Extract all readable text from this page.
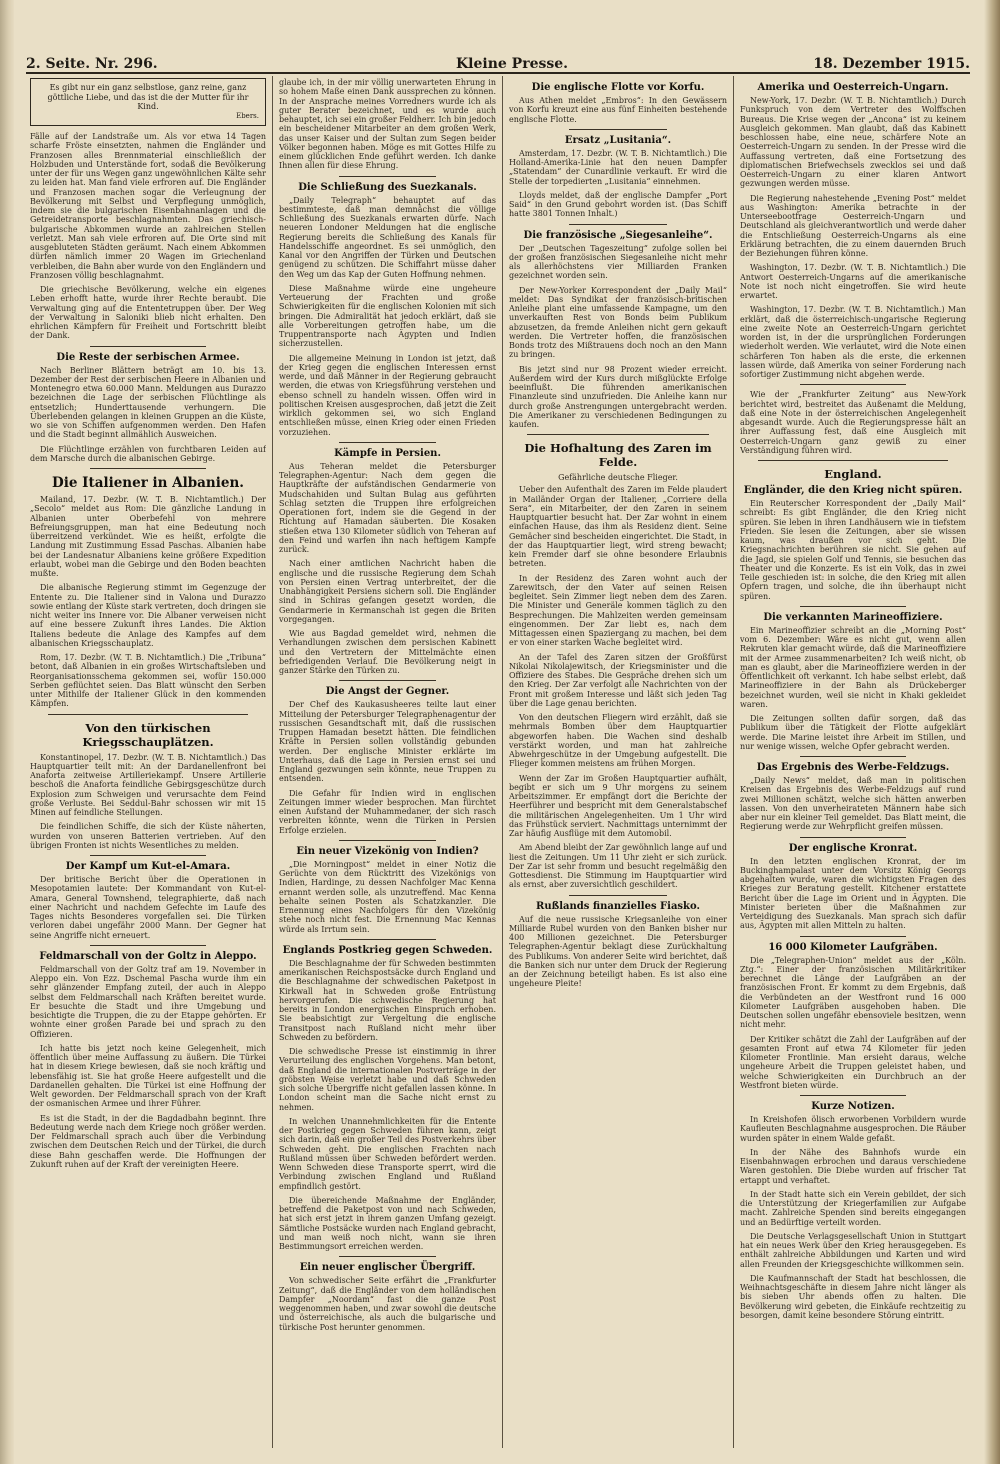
2. Seite. Nr. 296.	Kleine Presse.	18. Dezember 1915.

Es gibt nur ein ganz selbstlose, ganz reine, ganz

göttliche Liebe, und das ist die der Mutter für ihr Kind.

Ebers.

Fälle auf der Landstraße um. Als vor etwa 14 Tagen scharfe Fröste einsetzten, nahmen die Engländer und Franzosen alles Brennmaterial einschließlich der Holzbuden und Unterstände fort, sodaß die Bevölkerung unter der für uns Wegen ganz ungewöhnlichen Kälte sehr zu leiden hat. Man fand viele erfroren auf. Die Engländer und Franzosen machen sogar die Verleugnung der Bevölkerung mit Selbst und Verpflegung unmöglich, indem sie die bulgarischen Eisenbahnanlagen und die Getreidetransporte beschlagnahmten. Das griechisch-bulgarische Abkommen wurde an zahlreichen Stellen verletzt. Man sah viele erfroren auf. Die Orte sind mit ausgebluteten Städten geräumt. Nach einem Abkommen dürfen nämlich immer 20 Wagen im Griechenland verbleiben, die Bahn aber wurde von den Engländern und Franzosen völlig beschlagnahmt.

Die griechische Bevölkerung, welche ein eigenes Leben erhofft hatte, wurde ihrer Rechte beraubt. Die Verwaltung ging auf die Ententetruppen über. Der Weg der Verwaltung in Saloniki blieb nicht erhalten. Den ehrlichen Kämpfern für Freiheit und Fortschritt bleibt der Dank.

Die Reste der serbischen Armee.

Nach Berliner Blättern beträgt am 10. bis 13. Dezember der Rest der serbischen Heere in Albanien und Montenegro etwa 60.000 Mann. Meldungen aus Durazzo bezeichnen die Lage der serbischen Flüchtlinge als entsetzlich; Hunderttausende verhungern. Die Überlebenden gelangen in kleinen Gruppen an die Küste, wo sie von Schiffen aufgenommen werden. Den Hafen und die Stadt beginnt allmählich Ausweichen.

Die Flüchtlinge erzählen von furchtbaren Leiden auf dem Marsche durch die albanischen Gebirge.

Die Italiener in Albanien.

Mailand, 17. Dezbr. (W. T. B. Nichtamtlich.) Der „Secolo“ meldet aus Rom: Die gänzliche Landung in Albanien unter Oberbefehl von mehrere Befreiungsgruppen, man hat eine Bedeutung noch überreitzend verkündet. Wie es heißt, erfolgte die Landung mit Zustimmung Essad Paschas. Albanien habe bei der Landesnatur Albaniens keine größere Expedition erlaubt, wobei man die Gebirge und den Boden beachten mußte.

Die albanische Regierung stimmt im Gegenzuge der Entente zu. Die Italiener sind in Valona und Durazzo sowie entlang der Küste stark vertreten, doch dringen sie nicht weiter ins Innere vor. Die Albaner verweisen nicht auf eine bessere Zukunft ihres Landes. Die Aktion Italiens bedeute die Anlage des Kampfes auf dem albanischen Kriegsschauplatz.

Rom, 17. Dezbr. (W. T. B. Nichtamtlich.) Die „Tribuna“ betont, daß Albanien in ein großes Wirtschaftsleben und Reorganisationsschema gekommen sei, wofür 150.000 Serben geflüchtet seien. Das Blatt wünscht den Serben unter Mithilfe der Italiener Glück in den kommenden Kämpfen.

Von den türkischen Kriegsschauplätzen.

Konstantinopel, 17. Dezbr. (W. T. B. Nichtamtlich.) Das Hauptquartier teilt mit: An der Dardanellenfront bei Anaforta zeitweise Artilleriekampf. Unsere Artillerie beschoß die Anaforta feindliche Gebirgsgeschütze durch Explosion zum Schweigen und verursachte dem Feind große Verluste. Bei Seddul-Bahr schossen wir mit 15 Minen auf feindliche Stellungen.

Die feindlichen Schiffe, die sich der Küste näherten, wurden von unseren Batterien vertrieben. Auf den übrigen Fronten ist nichts Wesentliches zu melden.

Der Kampf um Kut-el-Amara.

Der britische Bericht über die Operationen in Mesopotamien lautete: Der Kommandant von Kut-el-Amara, General Townshend, telegraphierte, daß nach einer Nachricht und nachdem Gefechte im Laufe des Tages nichts Besonderes vorgefallen sei. Die Türken verloren dabei ungefähr 2000 Mann. Der Gegner hat seine Angriffe nicht erneuert.

Feldmarschall von der Goltz in Aleppo.

Feldmarschall von der Goltz traf am 19. November in Aleppo ein. Von Ezz. Dschemal Pascha wurde ihm ein sehr glänzender Empfang zuteil, der auch in Aleppo selbst dem Feldmarschall nach Kräften bereitet wurde. Er besuchte die Stadt und ihre Umgebung und besichtigte die Truppen, die zu der Etappe gehörten. Er wohnte einer großen Parade bei und sprach zu den Offizieren.

Ich hatte bis jetzt noch keine Gelegenheit, mich öffentlich über meine Auffassung zu äußern. Die Türkei hat in diesem Kriege bewiesen, daß sie noch kräftig und lebensfähig ist. Sie hat große Heere aufgestellt und die Dardanellen gehalten. Die Türkei ist eine Hoffnung der Welt geworden. Der Feldmarschall sprach von der Kraft der osmanischen Armee und ihrer Führer.

Es ist die Stadt, in der die Bagdadbahn beginnt. Ihre Bedeutung werde nach dem Kriege noch größer werden. Der Feldmarschall sprach auch über die Verbindung zwischen dem Deutschen Reich und der Türkei, die durch diese Bahn geschaffen werde. Die Hoffnungen der Zukunft ruhen auf der Kraft der vereinigten Heere.

glaube ich, in der mir völlig unerwarteten Ehrung in so hohem Maße einen Dank aussprechen zu können. In der Ansprache meines Vorredners wurde ich als guter Berater bezeichnet, und es wurde auch behauptet, ich sei ein großer Feldherr. Ich bin jedoch ein bescheidener Mitarbeiter an dem großen Werk, das unser Kaiser und der Sultan zum Segen beider Völker begonnen haben. Möge es mit Gottes Hilfe zu einem glücklichen Ende geführt werden. Ich danke Ihnen allen für diese Ehrung.

Die Schließung des Suezkanals.

„Daily Telegraph“ behauptet auf das bestimmteste, daß man demnächst die völlige Schließung des Suezkanals erwarten dürfe. Nach neueren Londoner Meldungen hat die englische Regierung bereits die Schließung des Kanals für Handelsschiffe angeordnet. Es sei unmöglich, den Kanal vor den Angriffen der Türken und Deutschen genügend zu schützen. Die Schiffahrt müsse daher den Weg um das Kap der Guten Hoffnung nehmen.

Diese Maßnahme würde eine ungeheure Verteuerung der Frachten und große Schwierigkeiten für die englischen Kolonien mit sich bringen. Die Admiralität hat jedoch erklärt, daß sie alle Vorbereitungen getroffen habe, um die Truppentransporte nach Ägypten und Indien sicherzustellen.

Die allgemeine Meinung in London ist jetzt, daß der Krieg gegen die englischen Interessen ernst werde, und daß Männer in der Regierung gebraucht werden, die etwas von Kriegsführung verstehen und ebenso schnell zu handeln wissen. Offen wird in politischen Kreisen ausgesprochen, daß jetzt die Zeit wirklich gekommen sei, wo sich England entschließen müsse, einen Krieg oder einen Frieden vorzuziehen.

Kämpfe in Persien.

Aus Teheran meldet die Petersburger Telegraphen-Agentur: Nach dem gegen die Hauptkräfte der aufständischen Gendarmerie von Mudschahiden und Sultan Bulag aus geführten Schlag setzten die Truppen ihre erfolgreichen Operationen fort, indem sie die Gegend in der Richtung auf Hamadan säuberten. Die Kosaken stießen etwa 130 Kilometer südlich von Teheran auf den Feind und warfen ihn nach heftigem Kampfe zurück.

Nach einer amtlichen Nachricht haben die englische und die russische Regierung dem Schah von Persien einen Vertrag unterbreitet, der die Unabhängigkeit Persiens sichern soll. Die Engländer sind in Schiras gefangen gesetzt worden, die Gendarmerie in Kermanschah ist gegen die Briten vorgegangen.

Wie aus Bagdad gemeldet wird, nehmen die Verhandlungen zwischen dem persischen Kabinett und den Vertretern der Mittelmächte einen befriedigenden Verlauf. Die Bevölkerung neigt in ganzer Stärke den Türken zu.

Die Angst der Gegner.

Der Chef des Kaukasusheeres teilte laut einer Mitteilung der Petersburger Telegraphenagentur der russischen Gesandtschaft mit, daß die russischen Truppen Hamadan besetzt hätten. Die feindlichen Kräfte in Persien sollen vollständig gebunden werden. Der englische Minister erklärte im Unterhaus, daß die Lage in Persien ernst sei und England gezwungen sein könnte, neue Truppen zu entsenden.

Die Gefahr für Indien wird in englischen Zeitungen immer wieder besprochen. Man fürchtet einen Aufstand der Muhammedaner, der sich rasch verbreiten könnte, wenn die Türken in Persien Erfolge erzielen.

Ein neuer Vizekönig von Indien?

„Die Morningpost“ meldet in einer Notiz die Gerüchte von dem Rücktritt des Vizekönigs von Indien, Hardinge, zu dessen Nachfolger Mac Kenna ernannt werden solle, als unzutreffend. Mac Kenna behalte seinen Posten als Schatzkanzler. Die Ernennung eines Nachfolgers für den Vizekönig stehe noch nicht fest. Die Ernennung Mac Kennas würde als Irrtum sein.

Englands Postkrieg gegen Schweden.

Die Beschlagnahme der für Schweden bestimmten amerikanischen Reichspostsäcke durch England und die Beschlagnahme der schwedischen Paketpost in Kirkwall hat in Schweden große Entrüstung hervorgerufen. Die schwedische Regierung hat bereits in London energischen Einspruch erhoben. Sie beabsichtigt zur Vergeltung die englische Transitpost nach Rußland nicht mehr über Schweden zu befördern.

Die schwedische Presse ist einstimmig in ihrer Verurteilung des englischen Vorgehens. Man betont, daß England die internationalen Postverträge in der gröbsten Weise verletzt habe und daß Schweden sich solche Übergriffe nicht gefallen lassen könne. In London scheint man die Sache nicht ernst zu nehmen.

In welchen Unannehmlichkeiten für die Entente der Postkrieg gegen Schweden führen kann, zeigt sich darin, daß ein großer Teil des Postverkehrs über Schweden geht. Die englischen Frachten nach Rußland müssen über Schweden befördert werden. Wenn Schweden diese Transporte sperrt, wird die Verbindung zwischen England und Rußland empfindlich gestört.

Die übereichende Maßnahme der Engländer, betreffend die Paketpost von und nach Schweden, hat sich erst jetzt in ihrem ganzen Umfang gezeigt. Sämtliche Postsäcke wurden nach England gebracht, und man weiß noch nicht, wann sie ihren Bestimmungsort erreichen werden.

Ein neuer englischer Übergriff.

Von schwedischer Seite erfährt die „Frankfurter Zeitung“, daß die Engländer von dem holländischen Dampfer „Noordam“ fast die ganze Post weggenommen haben, und zwar sowohl die deutsche und österreichische, als auch die bulgarische und türkische Post herunter genommen.

Die englische Flotte vor Korfu.

Aus Athen meldet „Embros“: In den Gewässern von Korfu kreuzt eine aus fünf Einheiten bestehende englische Flotte.

Ersatz „Lusitania“.

Amsterdam, 17. Dezbr. (W. T. B. Nichtamtlich.) Die Holland-Amerika-Linie hat den neuen Dampfer „Statendam“ der Cunardlinie verkauft. Er wird die Stelle der torpedierten „Lusitania“ einnehmen.

Lloyds meldet, daß der englische Dampfer „Port Said“ in den Grund gebohrt worden ist. (Das Schiff hatte 3801 Tonnen Inhalt.)

Die französische „Siegesanleihe“.

Der „Deutschen Tageszeitung“ zufolge sollen bei der großen französischen Siegesanleihe nicht mehr als allerhöchstens vier Milliarden Franken gezeichnet worden sein.

Der New-Yorker Korrespondent der „Daily Mail“ meldet: Das Syndikat der französisch-britischen Anleihe plant eine umfassende Kampagne, um den unverkauften Rest von Bonds beim Publikum abzusetzen, da fremde Anleihen nicht gern gekauft werden. Die Vertreter hoffen, die französischen Bonds trotz des Mißtrauens doch noch an den Mann zu bringen.

Bis jetzt sind nur 98 Prozent wieder erreicht. Außerdem wird der Kurs durch mißglückte Erfolge beeinflußt. Die führenden amerikanischen Finanzleute sind unzufrieden. Die Anleihe kann nur durch große Anstrengungen untergebracht werden. Die Amerikaner zu verschiedenen Bedingungen zu kaufen.

Die Hofhaltung des Zaren im Felde.

Gefährliche deutsche Flieger.

Ueber den Aufenthalt des Zaren im Felde plaudert in Mailänder Organ der Italiener, „Corriere della Sera“, ein Mitarbeiter, der den Zaren in seinem Hauptquartier besucht hat. Der Zar wohnt in einem einfachen Hause, das ihm als Residenz dient. Seine Gemächer sind bescheiden eingerichtet. Die Stadt, in der das Hauptquartier liegt, wird streng bewacht; kein Fremder darf sie ohne besondere Erlaubnis betreten.

In der Residenz des Zaren wohnt auch der Zarewitsch, der den Vater auf seinen Reisen begleitet. Sein Zimmer liegt neben dem des Zaren. Die Minister und Generäle kommen täglich zu den Besprechungen. Die Mahlzeiten werden gemeinsam eingenommen. Der Zar liebt es, nach dem Mittagessen einen Spaziergang zu machen, bei dem er von einer starken Wache begleitet wird.

An der Tafel des Zaren sitzen der Großfürst Nikolai Nikolajewitsch, der Kriegsminister und die Offiziere des Stabes. Die Gespräche drehen sich um den Krieg. Der Zar verfolgt alle Nachrichten von der Front mit großem Interesse und läßt sich jeden Tag über die Lage genau berichten.

Von den deutschen Fliegern wird erzählt, daß sie mehrmals Bomben über dem Hauptquartier abgeworfen haben. Die Wachen sind deshalb verstärkt worden, und man hat zahlreiche Abwehrgeschütze in der Umgebung aufgestellt. Die Flieger kommen meistens am frühen Morgen.

Wenn der Zar im Großen Hauptquartier aufhält, begibt er sich um 9 Uhr morgens zu seinem Arbeitszimmer. Er empfängt dort die Berichte der Heerführer und bespricht mit dem Generalstabschef die militärischen Angelegenheiten. Um 1 Uhr wird das Frühstück serviert. Nachmittags unternimmt der Zar häufig Ausflüge mit dem Automobil.

Am Abend bleibt der Zar gewöhnlich lange auf und liest die Zeitungen. Um 11 Uhr zieht er sich zurück. Der Zar ist sehr fromm und besucht regelmäßig den Gottesdienst. Die Stimmung im Hauptquartier wird als ernst, aber zuversichtlich geschildert.

Rußlands finanzielles Fiasko.

Auf die neue russische Kriegsanleihe von einer Milliarde Rubel wurden von den Banken bisher nur 400 Millionen gezeichnet. Die Petersburger Telegraphen-Agentur beklagt diese Zurückhaltung des Publikums. Von anderer Seite wird berichtet, daß die Banken sich nur unter dem Druck der Regierung an der Zeichnung beteiligt haben. Es ist also eine ungeheure Pleite!

Amerika und Oesterreich-Ungarn.

New-York, 17. Dezbr. (W. T. B. Nichtamtlich.) Durch Funkspruch von dem Vertreter des Wolffschen Bureaus. Die Krise wegen der „Ancona“ ist zu keinem Ausgleich gekommen. Man glaubt, daß das Kabinett beschlossen habe, eine neue, schärfere Note an Oesterreich-Ungarn zu senden. In der Presse wird die Auffassung vertreten, daß eine Fortsetzung des diplomatischen Briefwechsels zwecklos sei und daß Oesterreich-Ungarn zu einer klaren Antwort gezwungen werden müsse.

Die Regierung nahestehende „Evening Post“ meldet aus Washington: Amerika betrachte in der Unterseebootfrage Oesterreich-Ungarn und Deutschland als gleichverantwortlich und werde daher die Entschließung Oesterreich-Ungarns als eine Erklärung betrachten, die zu einem dauernden Bruch der Beziehungen führen könne.

Washington, 17. Dezbr. (W. T. B. Nichtamtlich.) Die Antwort Oesterreich-Ungarns auf die amerikanische Note ist noch nicht eingetroffen. Sie wird heute erwartet.

Washington, 17. Dezbr. (W. T. B. Nichtamtlich.) Man erklärt, daß die österreichisch-ungarische Regierung eine zweite Note an Oesterreich-Ungarn gerichtet worden ist, in der die ursprünglichen Forderungen wiederholt werden. Wie verlautet, wird die Note einen schärferen Ton haben als die erste, die erkennen lassen würde, daß Amerika von seiner Forderung nach sofortiger Zustimmung nicht abgehen werde.

Wie der „Frankfurter Zeitung“ aus New-York berichtet wird, bestreitet das Außenamt die Meldung, daß eine Note in der österreichischen Angelegenheit abgesandt wurde. Auch die Regierungspresse hält an ihrer Auffassung fest, daß eine Ausgleich mit Oesterreich-Ungarn ganz gewiß zu einer Verständigung führen wird.

England.
Engländer, die den Krieg nicht spüren.

Ein Reuterscher Korrespondent der „Daily Mail“ schreibt: Es gibt Engländer, die den Krieg nicht spüren. Sie leben in ihren Landhäusern wie in tiefstem Frieden. Sie lesen die Zeitungen, aber sie wissen kaum, was draußen vor sich geht. Die Kriegsnachrichten berühren sie nicht. Sie gehen auf die Jagd, sie spielen Golf und Tennis, sie besuchen das Theater und die Konzerte. Es ist ein Volk, das in zwei Teile geschieden ist: in solche, die den Krieg mit allen Opfern tragen, und solche, die ihn überhaupt nicht spüren.

Die verkannten Marineoffiziere.

Ein Marineoffizier schreibt an die „Morning Post“ vom 6. Dezember: Wäre es nicht gut, wenn allen Rekruten klar gemacht würde, daß die Marineoffiziere mit der Armee zusammenarbeiten? Ich weiß nicht, ob man es glaubt, aber die Marineoffiziere werden in der Öffentlichkeit oft verkannt. Ich habe selbst erlebt, daß Marineoffiziere in der Bahn als Drückeberger bezeichnet wurden, weil sie nicht in Khaki gekleidet waren.

Die Zeitungen sollten dafür sorgen, daß das Publikum über die Tätigkeit der Flotte aufgeklärt werde. Die Marine leistet ihre Arbeit im Stillen, und nur wenige wissen, welche Opfer gebracht werden.

Das Ergebnis des Werbe-Feldzugs.

„Daily News“ meldet, daß man in politischen Kreisen das Ergebnis des Werbe-Feldzugs auf rund zwei Millionen schätzt, welche sich hätten anwerben lassen. Von den unverheirateten Männern habe sich aber nur ein kleiner Teil gemeldet. Das Blatt meint, die Regierung werde zur Wehrpflicht greifen müssen.

Der englische Kronrat.

In den letzten englischen Kronrat, der im Buckinghampalast unter dem Vorsitz König Georgs abgehalten wurde, waren die wichtigsten Fragen des Krieges zur Beratung gestellt. Kitchener erstattete Bericht über die Lage im Orient und in Ägypten. Die Minister berieten über die Maßnahmen zur Verteidigung des Suezkanals. Man sprach sich dafür aus, Ägypten mit allen Mitteln zu halten.

16 000 Kilometer Laufgräben.

Die „Telegraphen-Union“ meldet aus der „Köln. Ztg.“: Einer der französischen Militärkritiker berechnet die Länge der Laufgräben an der französischen Front. Er kommt zu dem Ergebnis, daß die Verbündeten an der Westfront rund 16 000 Kilometer Laufgräben ausgehoben haben. Die Deutschen sollen ungefähr ebensoviele besitzen, wenn nicht mehr.

Der Kritiker schätzt die Zahl der Laufgräben auf der gesamten Front auf etwa 74 Kilometer für jeden Kilometer Frontlinie. Man ersieht daraus, welche ungeheure Arbeit die Truppen geleistet haben, und welche Schwierigkeiten ein Durchbruch an der Westfront bieten würde.

Kurze Notizen.

In Kreishofen ölisch erworbenen Vorbildern wurde Kaufleuten Beschlagnahme ausgesprochen. Die Räuber wurden später in einem Walde gefaßt.

In der Nähe des Bahnhofs wurde ein Eisenbahnwagen erbrochen und daraus verschiedene Waren gestohlen. Die Diebe wurden auf frischer Tat ertappt und verhaftet.

In der Stadt hatte sich ein Verein gebildet, der sich die Unterstützung der Kriegerfamilien zur Aufgabe macht. Zahlreiche Spenden sind bereits eingegangen und an Bedürftige verteilt worden.

Die Deutsche Verlagsgesellschaft Union in Stuttgart hat ein neues Werk über den Krieg herausgegeben. Es enthält zahlreiche Abbildungen und Karten und wird allen Freunden der Kriegsgeschichte willkommen sein.

Die Kaufmannschaft der Stadt hat beschlossen, die Weihnachtsgeschäfte in diesem Jahre nicht länger als bis sieben Uhr abends offen zu halten. Die Bevölkerung wird gebeten, die Einkäufe rechtzeitig zu besorgen, damit keine besondere Störung eintritt.
